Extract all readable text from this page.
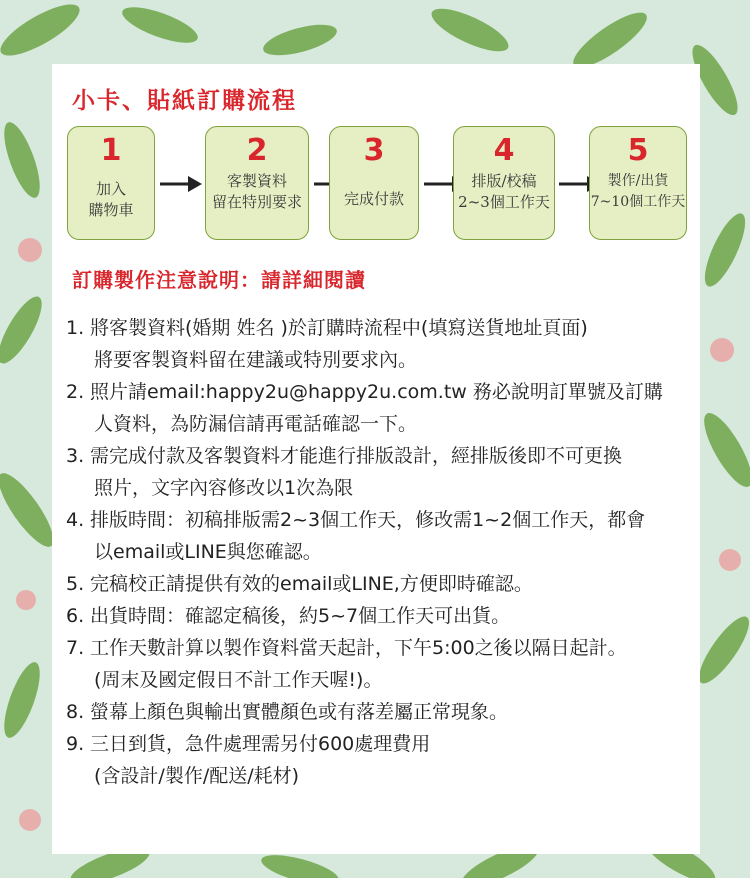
小卡、貼紙訂購流程
1
加入
購物車
2
客製資料
留在特別要求
3
完成付款
4
排版/校稿
2~3個工作天
5
製作/出貨
7~10個工作天
訂購製作注意說明：請詳細閱讀
1. 將客製資料(婚期 姓名 )於訂購時流程中(填寫送貨地址頁面)
將要客製資料留在建議或特別要求內。
2. 照片請email:happy2u@happy2u.com.tw 務必說明訂單號及訂購
人資料，為防漏信請再電話確認一下。
3. 需完成付款及客製資料才能進行排版設計，經排版後即不可更換
照片，文字內容修改以1次為限
4. 排版時間：初稿排版需2~3個工作天，修改需1~2個工作天，都會
以email或LINE與您確認。
5. 完稿校正請提供有效的email或LINE,方便即時確認。
6. 出貨時間：確認定稿後，約5~7個工作天可出貨。
7. 工作天數計算以製作資料當天起計，下午5:00之後以隔日起計。
(周末及國定假日不計工作天喔!)。
8. 螢幕上顏色與輸出實體顏色或有落差屬正常現象。
9. 三日到貨，急件處理需另付600處理費用
(含設計/製作/配送/耗材)
